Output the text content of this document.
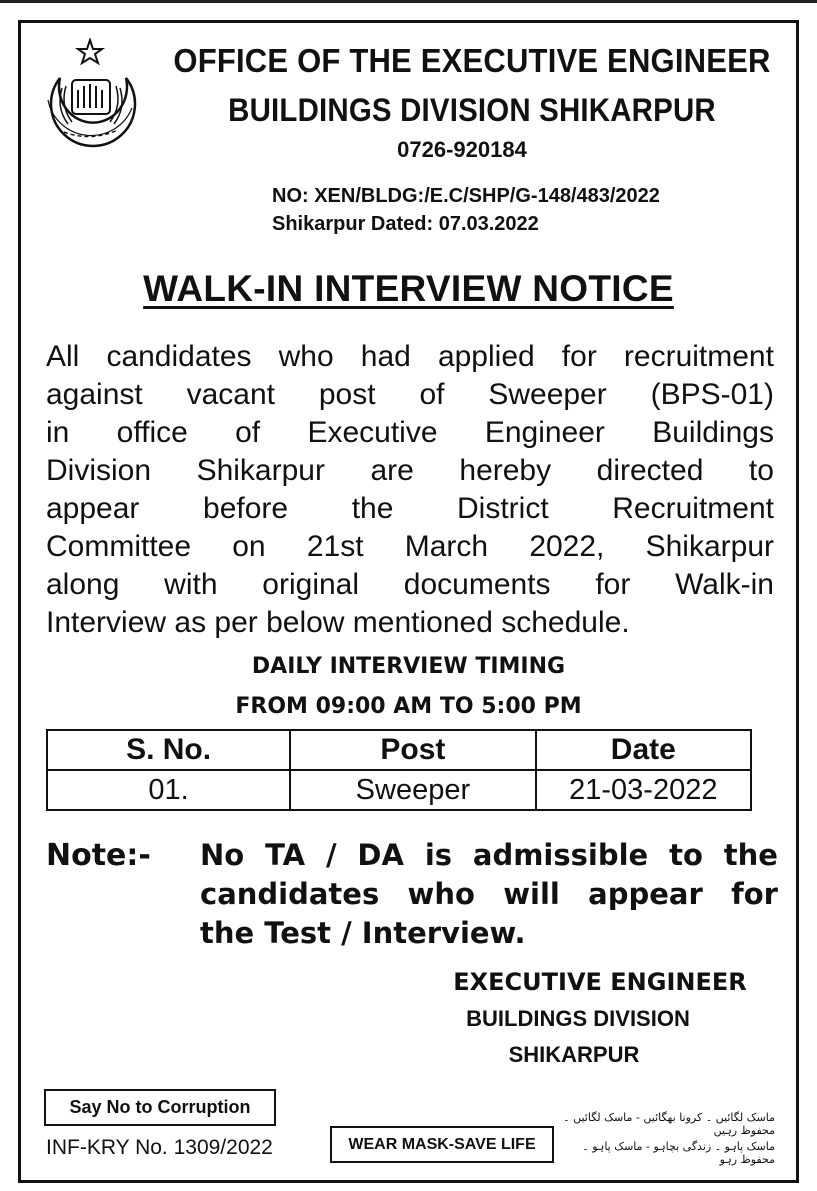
OFFICE OF THE EXECUTIVE ENGINEER
BUILDINGS DIVISION SHIKARPUR
0726-920184
NO: XEN/BLDG:/E.C/SHP/G-148/483/2022
Shikarpur Dated: 07.03.2022
WALK-IN INTERVIEW NOTICE
All candidates who had applied for recruitment
against vacant post of Sweeper (BPS-01)
in office of Executive Engineer Buildings
Division Shikarpur are hereby directed to
appear before the District Recruitment
Committee on 21st March 2022, Shikarpur
along with original documents for Walk-in
Interview as per below mentioned schedule.
DAILY INTERVIEW TIMING
FROM 09:00 AM TO 5:00 PM
S. No.	Post	Date
01.	Sweeper	21-03-2022
Note:- No TA / DA is admissible to the
candidates who will appear for
the Test / Interview.
EXECUTIVE ENGINEER
BUILDINGS DIVISION
SHIKARPUR
Say No to Corruption
INF-KRY No. 1309/2022	WEAR MASK-SAVE LIFE
ماسک لگائیں ۔ کرونا بھگائیں - ماسک لگائیں ۔ محفوظ رہیں
ماسک پاہو ۔ زندگی بچاہو - ماسک پاہو ۔ محفوظ رہو
